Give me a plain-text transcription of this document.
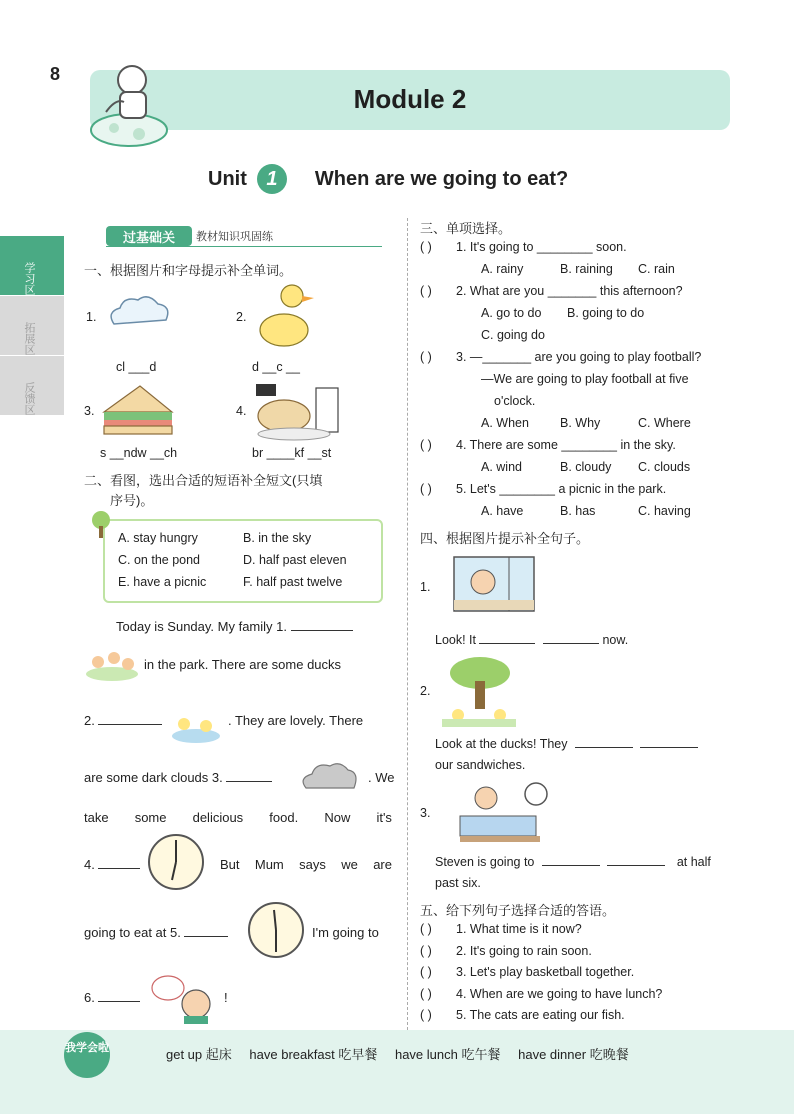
8
Module 2
Unit 1	When are we going to eat?
学习区
拓展区
反馈区
过基础关	教材知识巩固练
一、根据图片和字母提示补全单词。
1.
cl ___d
2.
d __c __
3.
s __ndw __ch
4.
br ____kf __st
二、看图，选出合适的短语补全短文(只填
序号)。
A. stay hungry	B. in the sky
C. on the pond	D. half past eleven
E. have a picnic	F. half past twelve
Today is Sunday. My family 1.
in the park. There are some ducks
2.	. They are lovely. There
are some dark clouds 3.	. We
take some delicious food. Now it's
4.	But Mum says we are
going to eat at 5.	I'm going to
6.	!
三、单项选择。
( ) 1. It's going to ________ soon.
A. rainy	B. raining C. rain
( ) 2. What are you _______ this afternoon?
A. go to do B. going to do
C. going do
( ) 3. —_______ are you going to play football?
—We are going to play football at five
o'clock.
A. When B. Why	C. Where
( ) 4. There are some ________ in the sky.
A. wind	B. cloudy C. clouds
( ) 5. Let's ________ a picnic in the park.
A. have	B. has	C. having
四、根据图片提示补全句子。
1.
Look! It	now.
2.
Look at the ducks! They
our sandwiches.
3.
Steven is going to	at half
past six.
五、给下列句子选择合适的答语。
( ) 1. What time is it now?
( ) 2. It's going to rain soon.
( ) 3. Let's play basketball together.
( ) 4. When are we going to have lunch?
( ) 5. The cats are eating our fish.
我学会啦	get up 起床 have breakfast 吃早餐 have lunch 吃午餐 have dinner 吃晚餐
